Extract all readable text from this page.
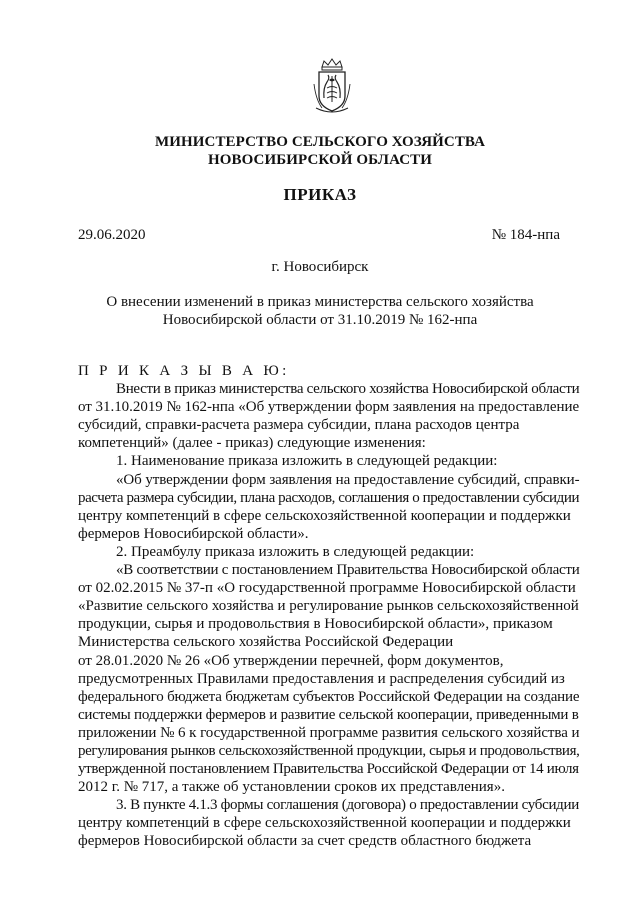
МИНИСТЕРСТВО СЕЛЬСКОГО ХОЗЯЙСТВА
НОВОСИБИРСКОЙ ОБЛАСТИ
ПРИКАЗ
29.06.2020	№ 184-нпа
г. Новосибирск
О внесении изменений в приказ министерства сельского хозяйства
Новосибирской области от 31.10.2019 № 162-нпа
П Р И К А З Ы В А Ю:
Внести в приказ министерства сельского хозяйства Новосибирской области
от 31.10.2019 № 162-нпа «Об утверждении форм заявления на предоставление
субсидий, справки-расчета размера субсидии, плана расходов центра
компетенций» (далее - приказ) следующие изменения:
1. Наименование приказа изложить в следующей редакции:
«Об утверждении форм заявления на предоставление субсидий, справки-
расчета размера субсидии, плана расходов, соглашения о предоставлении субсидии
центру компетенций в сфере сельскохозяйственной кооперации и поддержки
фермеров Новосибирской области».
2. Преамбулу приказа изложить в следующей редакции:
«В соответствии с постановлением Правительства Новосибирской области
от 02.02.2015 № 37-п «О государственной программе Новосибирской области
«Развитие сельского хозяйства и регулирование рынков сельскохозяйственной
продукции, сырья и продовольствия в Новосибирской области», приказом
Министерства сельского хозяйства Российской Федерации
от 28.01.2020 № 26 «Об утверждении перечней, форм документов,
предусмотренных Правилами предоставления и распределения субсидий из
федерального бюджета бюджетам субъектов Российской Федерации на создание
системы поддержки фермеров и развитие сельской кооперации, приведенными в
приложении № 6 к государственной программе развития сельского хозяйства и
регулирования рынков сельскохозяйственной продукции, сырья и продовольствия,
утвержденной постановлением Правительства Российской Федерации от 14 июля
2012 г. № 717, а также об установлении сроков их представления».
3. В пункте 4.1.3 формы соглашения (договора) о предоставлении субсидии
центру компетенций в сфере сельскохозяйственной кооперации и поддержки
фермеров Новосибирской области за счет средств областного бюджета
